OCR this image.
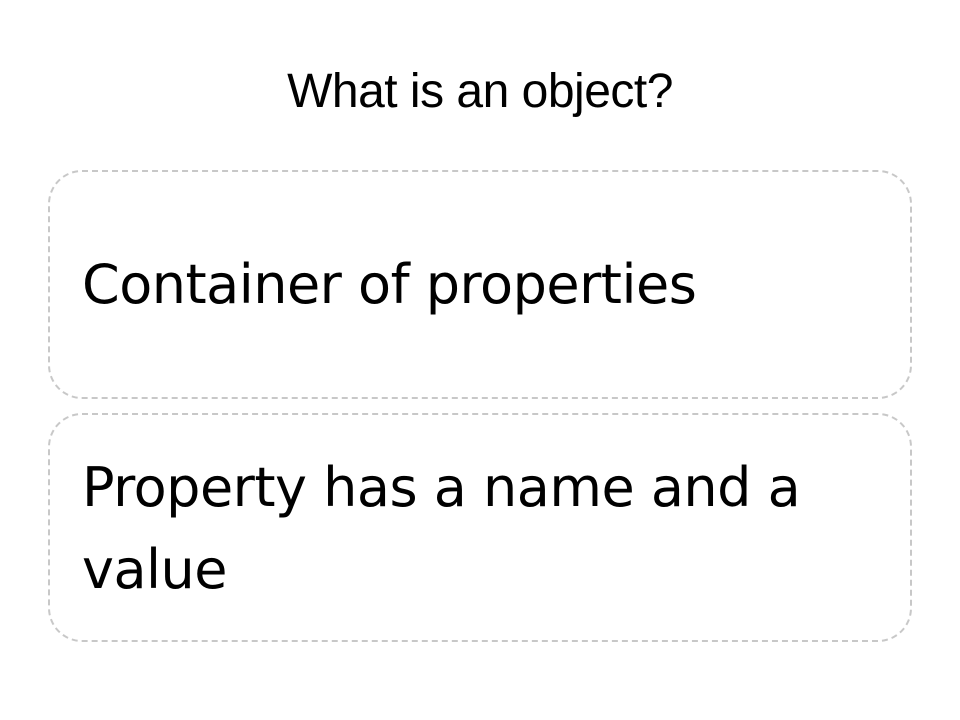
What is an object?
Container of properties
Property has a name and a value
